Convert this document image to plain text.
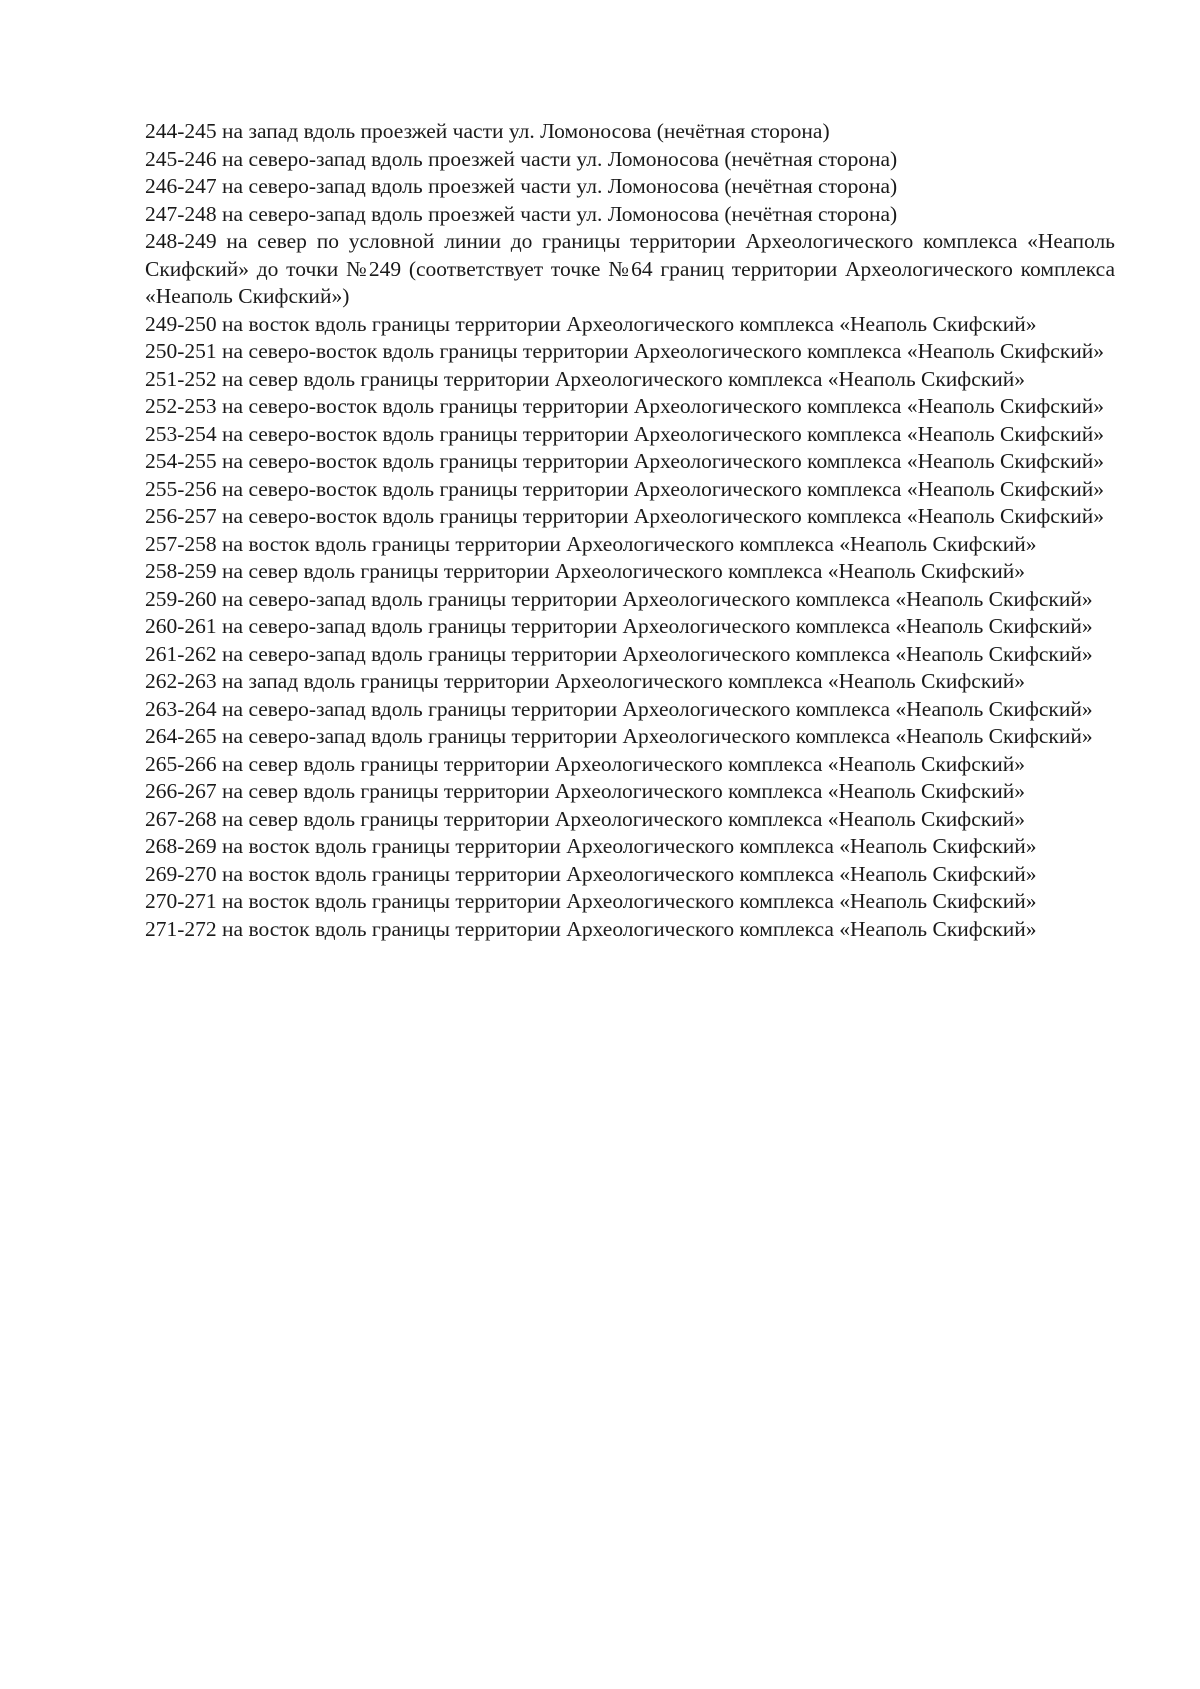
244-245 на запад вдоль проезжей части ул. Ломоносова (нечётная сторона)

245-246 на северо-запад вдоль проезжей части ул. Ломоносова (нечётная сторона)

246-247 на северо-запад вдоль проезжей части ул. Ломоносова (нечётная сторона)

247-248 на северо-запад вдоль проезжей части ул. Ломоносова (нечётная сторона)

248-249 на север по условной линии до границы территории Археологического комплекса «Неаполь Скифский» до точки №249 (соответствует точке №64 границ территории Археологического комплекса «Неаполь Скифский»)

249-250 на восток вдоль границы территории Археологического комплекса «Неаполь Скифский»

250-251 на северо-восток вдоль границы территории Археологического комплекса «Неаполь Скифский»

251-252 на север вдоль границы территории Археологического комплекса «Неаполь Скифский»

252-253 на северо-восток вдоль границы территории Археологического комплекса «Неаполь Скифский»

253-254 на северо-восток вдоль границы территории Археологического комплекса «Неаполь Скифский»

254-255 на северо-восток вдоль границы территории Археологического комплекса «Неаполь Скифский»

255-256 на северо-восток вдоль границы территории Археологического комплекса «Неаполь Скифский»

256-257 на северо-восток вдоль границы территории Археологического комплекса «Неаполь Скифский»

257-258 на восток вдоль границы территории Археологического комплекса «Неаполь Скифский»

258-259 на север вдоль границы территории Археологического комплекса «Неаполь Скифский»

259-260 на северо-запад вдоль границы территории Археологического комплекса «Неаполь Скифский»

260-261 на северо-запад вдоль границы территории Археологического комплекса «Неаполь Скифский»

261-262 на северо-запад вдоль границы территории Археологического комплекса «Неаполь Скифский»

262-263 на запад вдоль границы территории Археологического комплекса «Неаполь Скифский»

263-264 на северо-запад вдоль границы территории Археологического комплекса «Неаполь Скифский»

264-265 на северо-запад вдоль границы территории Археологического комплекса «Неаполь Скифский»

265-266 на север вдоль границы территории Археологического комплекса «Неаполь Скифский»

266-267 на север вдоль границы территории Археологического комплекса «Неаполь Скифский»

267-268 на север вдоль границы территории Археологического комплекса «Неаполь Скифский»

268-269 на восток вдоль границы территории Археологического комплекса «Неаполь Скифский»

269-270 на восток вдоль границы территории Археологического комплекса «Неаполь Скифский»

270-271 на восток вдоль границы территории Археологического комплекса «Неаполь Скифский»

271-272 на восток вдоль границы территории Археологического комплекса «Неаполь Скифский»
